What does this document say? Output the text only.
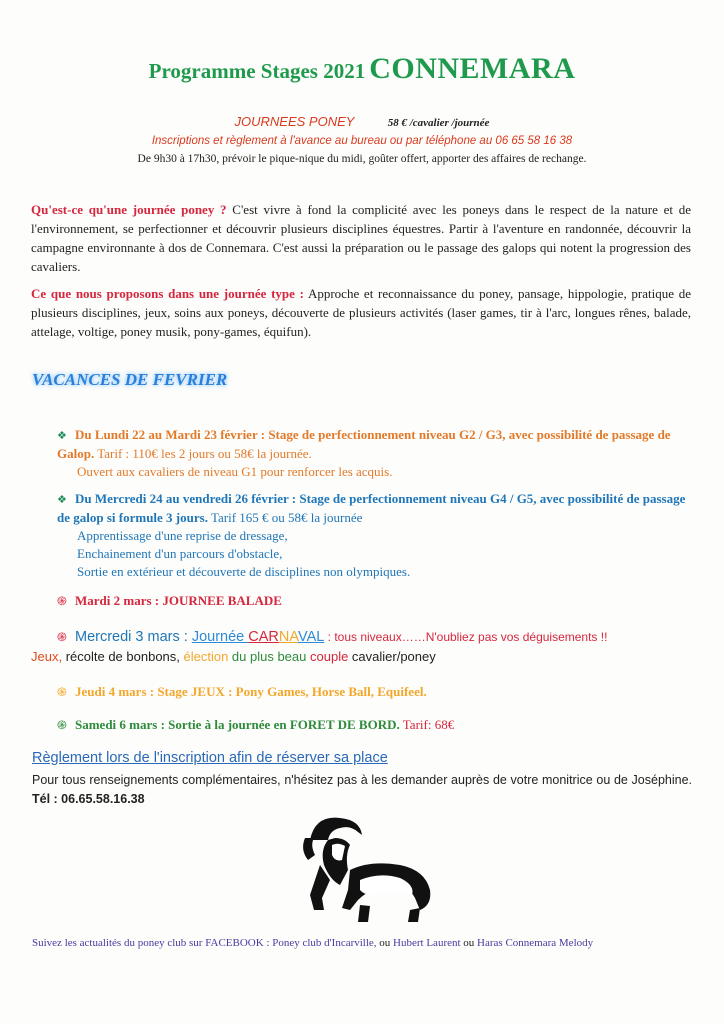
Programme Stages 2021 CONNEMARA
JOURNEES PONEY	58 € /cavalier /journée
Inscriptions et règlement à l'avance au bureau ou par téléphone au 06 65 58 16 38
De 9h30 à 17h30, prévoir le pique-nique du midi, goûter offert, apporter des affaires de rechange.
Qu'est-ce qu'une journée poney ? C'est vivre à fond la complicité avec les poneys dans le respect de la nature et de l'environnement, se perfectionner et découvrir plusieurs disciplines équestres. Partir à l'aventure en randonnée, découvrir la campagne environnante à dos de Connemara. C'est aussi la préparation ou le passage des galops qui notent la progression des cavaliers.
Ce que nous proposons dans une journée type : Approche et reconnaissance du poney, pansage, hippologie, pratique de plusieurs disciplines, jeux, soins aux poneys, découverte de plusieurs activités (laser games, tir à l'arc, longues rênes, balade, attelage, voltige, poney musik, pony-games, équifun).
VACANCES DE FEVRIER
❖ Du Lundi 22 au Mardi 23 février : Stage de perfectionnement niveau G2 / G3, avec possibilité de passage de Galop. Tarif : 110€ les 2 jours ou 58€ la journée.
Ouvert aux cavaliers de niveau G1 pour renforcer les acquis.
❖ Du Mercredi 24 au vendredi 26 février : Stage de perfectionnement niveau G4 / G5, avec possibilité de passage de galop si formule 3 jours. Tarif 165 € ou 58€ la journée
Apprentissage d'une reprise de dressage,
Enchainement d'un parcours d'obstacle,
Sortie en extérieur et découverte de disciplines non olympiques.
֍ Mardi 2 mars : JOURNEE BALADE
֍ Mercredi 3 mars : Journée CARNAVAL : tous niveaux……N'oubliez pas vos déguisements !!
Jeux, récolte de bonbons, élection du plus beau couple cavalier/poney
֍ Jeudi 4 mars : Stage JEUX : Pony Games, Horse Ball, Equifeel.
֍ Samedi 6 mars : Sortie à la journée en FORET DE BORD. Tarif: 68€
Règlement lors de l'inscription afin de réserver sa place
Pour tous renseignements complémentaires, n'hésitez pas à les demander auprès de votre monitrice ou de Joséphine. Tél : 06.65.58.16.38
Suivez les actualités du poney club sur FACEBOOK : Poney club d'Incarville, ou Hubert Laurent ou Haras Connemara Melody
